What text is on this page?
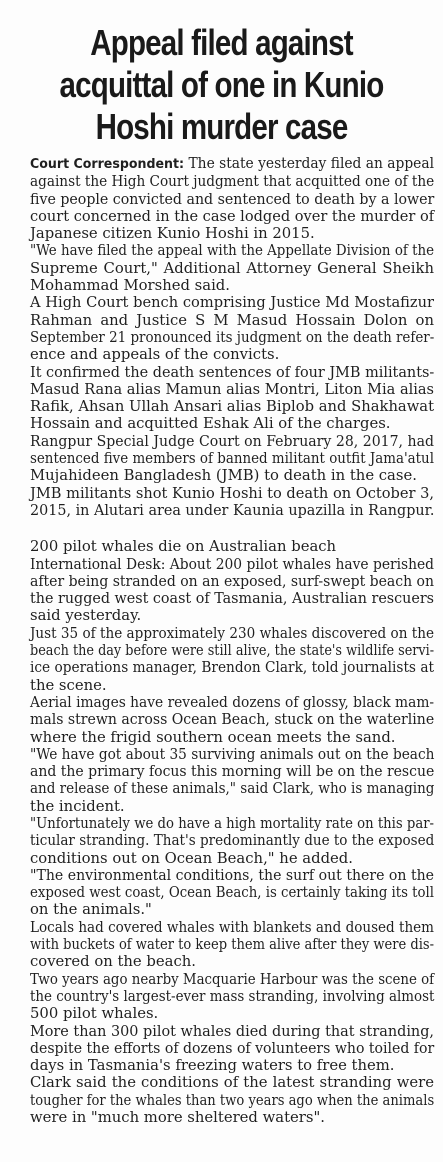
Appeal filed against
acquittal of one in Kunio
Hoshi murder case
Court Correspondent: The state yesterday filed an appeal
against the High Court judgment that acquitted one of the
five people convicted and sentenced to death by a lower
court concerned in the case lodged over the murder of
Japanese citizen Kunio Hoshi in 2015.
"We have filed the appeal with the Appellate Division of the
Supreme Court," Additional Attorney General Sheikh
Mohammad Morshed said.
A High Court bench comprising Justice Md Mostafizur
Rahman and Justice S M Masud Hossain Dolon on
September 21 pronounced its judgment on the death refer-
ence and appeals of the convicts.
It confirmed the death sentences of four JMB militants-
Masud Rana alias Mamun alias Montri, Liton Mia alias
Rafik, Ahsan Ullah Ansari alias Biplob and Shakhawat
Hossain and acquitted Eshak Ali of the charges.
Rangpur Special Judge Court on February 28, 2017, had
sentenced five members of banned militant outfit Jama'atul
Mujahideen Bangladesh (JMB) to death in the case.
JMB militants shot Kunio Hoshi to death on October 3,
2015, in Alutari area under Kaunia upazilla in Rangpur.
200 pilot whales die on Australian beach
International Desk: About 200 pilot whales have perished
after being stranded on an exposed, surf-swept beach on
the rugged west coast of Tasmania, Australian rescuers
said yesterday.
Just 35 of the approximately 230 whales discovered on the
beach the day before were still alive, the state's wildlife servi-
ice operations manager, Brendon Clark, told journalists at
the scene.
Aerial images have revealed dozens of glossy, black mam-
mals strewn across Ocean Beach, stuck on the waterline
where the frigid southern ocean meets the sand.
"We have got about 35 surviving animals out on the beach
and the primary focus this morning will be on the rescue
and release of these animals," said Clark, who is managing
the incident.
"Unfortunately we do have a high mortality rate on this par-
ticular stranding. That's predominantly due to the exposed
conditions out on Ocean Beach," he added.
"The environmental conditions, the surf out there on the
exposed west coast, Ocean Beach, is certainly taking its toll
on the animals."
Locals had covered whales with blankets and doused them
with buckets of water to keep them alive after they were dis-
covered on the beach.
Two years ago nearby Macquarie Harbour was the scene of
the country's largest-ever mass stranding, involving almost
500 pilot whales.
More than 300 pilot whales died during that stranding,
despite the efforts of dozens of volunteers who toiled for
days in Tasmania's freezing waters to free them.
Clark said the conditions of the latest stranding were
tougher for the whales than two years ago when the animals
were in "much more sheltered waters".
